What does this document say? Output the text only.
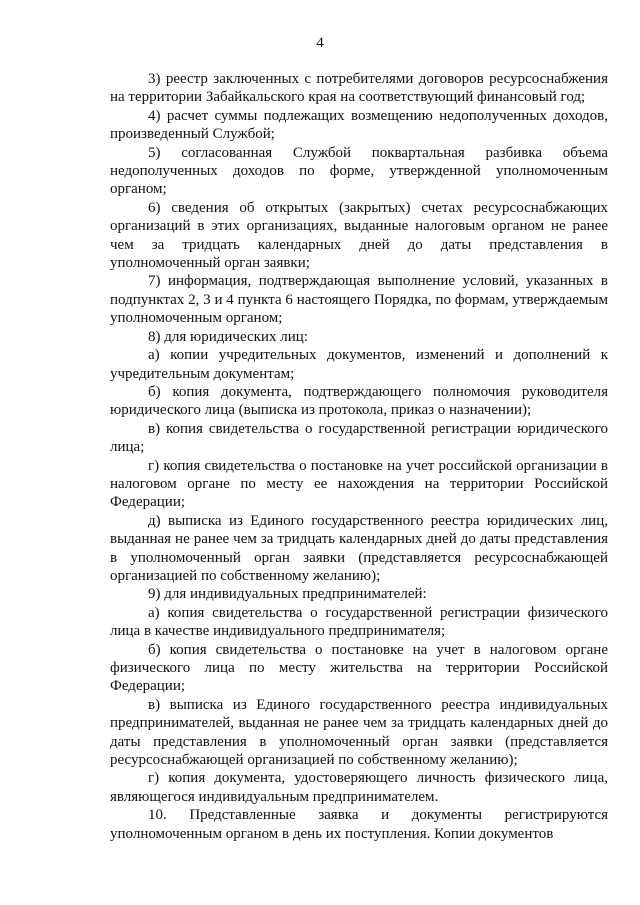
4

3) реестр заключенных с потребителями договоров ресурсоснабжения на территории Забайкальского края на соответствующий финансовый год;

4) расчет суммы подлежащих возмещению недополученных доходов, произведенный Службой;

5) согласованная Службой поквартальная разбивка объема недополученных доходов по форме, утвержденной уполномоченным органом;

6) сведения об открытых (закрытых) счетах ресурсоснабжающих организаций в этих организациях, выданные налоговым органом не ранее чем за тридцать календарных дней до даты представления в уполномоченный орган заявки;

7) информация, подтверждающая выполнение условий, указанных в подпунктах 2, 3 и 4 пункта 6 настоящего Порядка, по формам, утверждаемым уполномоченным органом;

8) для юридических лиц:

а) копии учредительных документов, изменений и дополнений к учредительным документам;

б) копия документа, подтверждающего полномочия руководителя юридического лица (выписка из протокола, приказ о назначении);

в) копия свидетельства о государственной регистрации юридического лица;

г) копия свидетельства о постановке на учет российской организации в налоговом органе по месту ее нахождения на территории Российской Федерации;

д) выписка из Единого государственного реестра юридических лиц, выданная не ранее чем за тридцать календарных дней до даты представления в уполномоченный орган заявки (представляется ресурсоснабжающей организацией по собственному желанию);

9) для индивидуальных предпринимателей:

а) копия свидетельства о государственной регистрации физического лица в качестве индивидуального предпринимателя;

б) копия свидетельства о постановке на учет в налоговом органе физического лица по месту жительства на территории Российской Федерации;

в) выписка из Единого государственного реестра индивидуальных предпринимателей, выданная не ранее чем за тридцать календарных дней до даты представления в уполномоченный орган заявки (представляется ресурсоснабжающей организацией по собственному желанию);

г) копия документа, удостоверяющего личность физического лица, являющегося индивидуальным предпринимателем.

10. Представленные заявка и документы регистрируются уполномоченным органом в день их поступления. Копии документов
